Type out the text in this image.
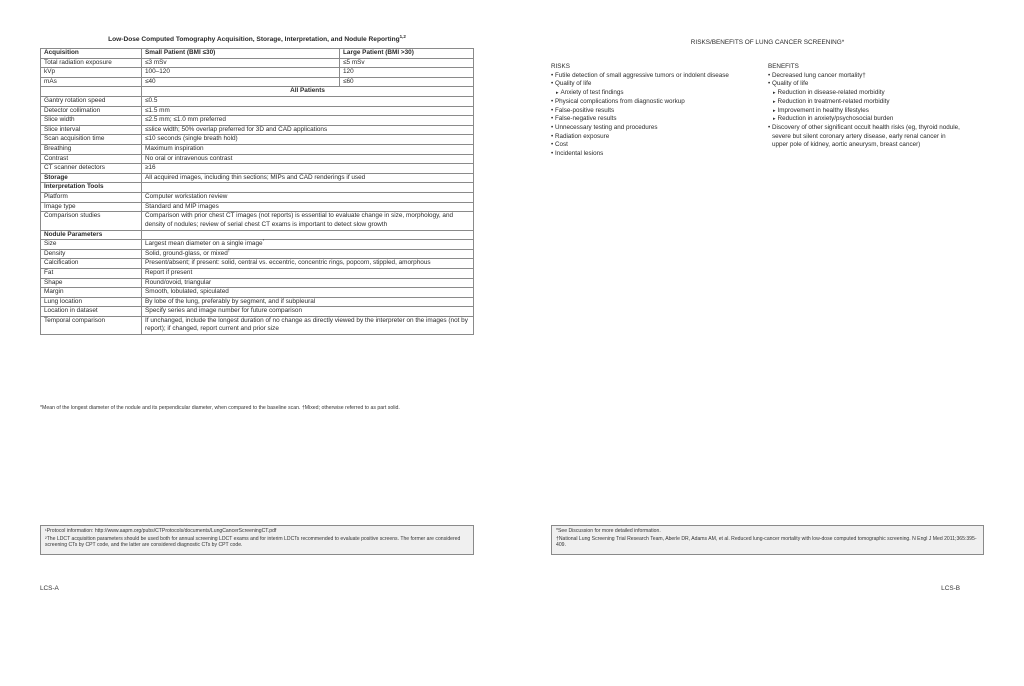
Low-Dose Computed Tomography Acquisition, Storage, Interpretation, and Nodule Reporting$^{1,2}$
Acquisition	Small Patient (BMI ≤30)	Large Patient (BMI >30)
Total radiation exposure	≤3 mSv	≤5 mSv
kVp	100–120	120
mAs	≤40	≤60
	All Patients	
Gantry rotation speed	≤0.5	
Detector collimation	≤1.5 mm	
Slice width	≤2.5 mm; ≤1.0 mm preferred	
Slice interval	≤slice width; 50% overlap preferred for 3D and CAD applications	
Scan acquisition time	≤10 seconds (single breath hold)	
Breathing	Maximum inspiration	
Contrast	No oral or intravenous contrast	
CT scanner detectors	≥16	
Storage	All acquired images, including thin sections; MIPs and CAD renderings if used	
Interpretation Tools		
Platform	Computer workstation review	
Image type	Standard and MIP images	
Comparison studies	Comparison with prior chest CT images (not reports) is essential to evaluate change in size, morphology, and density of nodules; review of serial chest CT exams is important to detect slow growth	
Nodule Parameters		
Size	Largest mean diameter on a single image*
Density	Solid, ground-glass, or mixed†
Calcification	Present/absent; if present: solid, central vs. eccentric, concentric rings, popcorn, stippled, amorphous	
Fat	Report if present	
Shape	Round/ovoid, triangular	
Margin	Smooth, lobulated, spiculated	
Lung location	By lobe of the lung, preferably by segment, and if subpleural	
Location in dataset	Specify series and image number for future comparison	
Temporal comparison	If unchanged, include the longest duration of no change as directly viewed by the interpreter on the images (not by report); if changed, report current and prior size	
*Mean of the longest diameter of the nodule and its perpendicular diameter, when compared to the baseline scan. †Mixed; otherwise referred to as part solid.

¹Protocol information: http://www.aapm.org/pubs/CTProtocols/documents/LungCancerScreeningCT.pdf

²The LDCT acquisition parameters should be used both for annual screening LDCT exams and for interim LDCTs recommended to evaluate positive screens. The former are considered screening CTs by CPT code, and the latter are considered diagnostic CTs by CPT code.

LCS-A
RISKS/BENEFITS OF LUNG CANCER SCREENING*
RISKS
• Futile detection of small aggressive tumors or indolent disease
• Quality of life
▸ Anxiety of test findings
• Physical complications from diagnostic workup
• False-positive results
• False-negative results
• Unnecessary testing and procedures
• Radiation exposure
• Cost
• Incidental lesions
BENEFITS
• Decreased lung cancer mortality†
• Quality of life
▸ Reduction in disease-related morbidity
▸ Reduction in treatment-related morbidity
▸ Improvement in healthy lifestyles
▸ Reduction in anxiety/psychosocial burden
• Discovery of other significant occult health risks (eg, thyroid nodule,
severe but silent coronary artery disease, early renal cancer in
upper pole of kidney, aortic aneurysm, breast cancer)

*See Discussion for more detailed information.

†National Lung Screening Trial Research Team, Aberle DR, Adams AM, et al. Reduced lung-cancer mortality with low-dose computed tomographic screening. N Engl J Med 2011;365:395-409.

LCS-B
